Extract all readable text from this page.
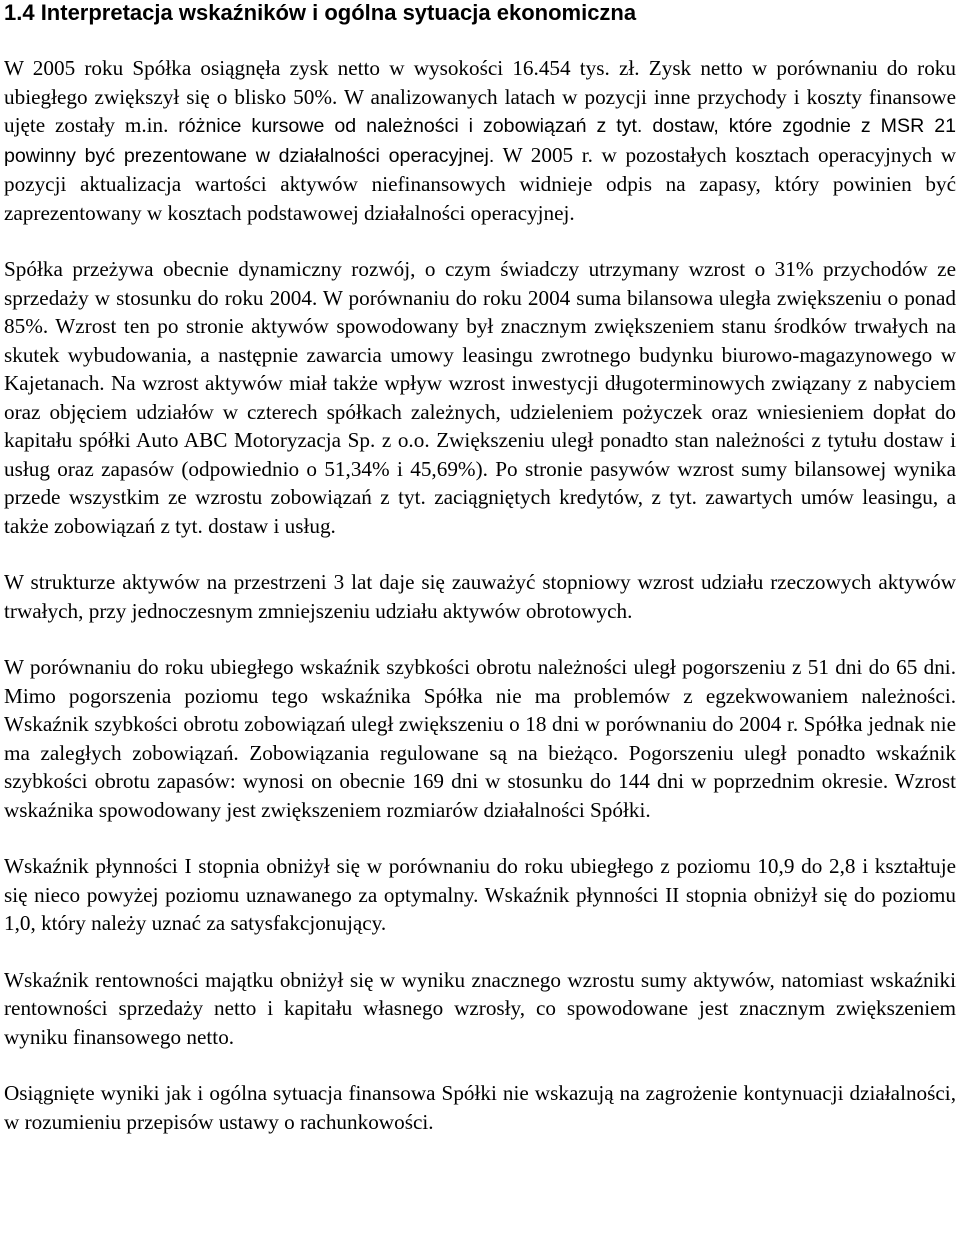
1.4 Interpretacja wskaźników i ogólna sytuacja ekonomiczna

W 2005 roku Spółka osiągnęła zysk netto w wysokości 16.454 tys. zł. Zysk netto w porównaniu do roku ubiegłego zwiększył się o blisko 50%. W analizowanych latach w pozycji inne przychody i koszty finansowe ujęte zostały m.in. różnice kursowe od należności i zobowiązań z tyt. dostaw, które zgodnie z MSR 21 powinny być prezentowane w działalności operacyjnej. W 2005 r. w pozostałych kosztach operacyjnych w pozycji aktualizacja wartości aktywów niefinansowych widnieje odpis na zapasy, który powinien być zaprezentowany w kosztach podstawowej działalności operacyjnej.

Spółka przeżywa obecnie dynamiczny rozwój, o czym świadczy utrzymany wzrost o 31% przychodów ze sprzedaży w stosunku do roku 2004. W porównaniu do roku 2004 suma bilansowa uległa zwiększeniu o ponad 85%. Wzrost ten po stronie aktywów spowodowany był znacznym zwiększeniem stanu środków trwałych na skutek wybudowania, a następnie zawarcia umowy leasingu zwrotnego budynku biurowo-magazynowego w Kajetanach. Na wzrost aktywów miał także wpływ wzrost inwestycji długoterminowych związany z nabyciem oraz objęciem udziałów w czterech spółkach zależnych, udzieleniem pożyczek oraz wniesieniem dopłat do kapitału spółki Auto ABC Motoryzacja Sp. z o.o. Zwiększeniu uległ ponadto stan należności z tytułu dostaw i usług oraz zapasów (odpowiednio o 51,34% i 45,69%). Po stronie pasywów wzrost sumy bilansowej wynika przede wszystkim ze wzrostu zobowiązań z tyt. zaciągniętych kredytów, z tyt. zawartych umów leasingu, a także zobowiązań z tyt. dostaw i usług.

W strukturze aktywów na przestrzeni 3 lat daje się zauważyć stopniowy wzrost udziału rzeczowych aktywów trwałych, przy jednoczesnym zmniejszeniu udziału aktywów obrotowych.

W porównaniu do roku ubiegłego wskaźnik szybkości obrotu należności uległ pogorszeniu z 51 dni do 65 dni. Mimo pogorszenia poziomu tego wskaźnika Spółka nie ma problemów z egzekwowaniem należności. Wskaźnik szybkości obrotu zobowiązań uległ zwiększeniu o 18 dni w porównaniu do 2004 r. Spółka jednak nie ma zaległych zobowiązań. Zobowiązania regulowane są na bieżąco. Pogorszeniu uległ ponadto wskaźnik szybkości obrotu zapasów: wynosi on obecnie 169 dni w stosunku do 144 dni w poprzednim okresie. Wzrost wskaźnika spowodowany jest zwiększeniem rozmiarów działalności Spółki.

Wskaźnik płynności I stopnia obniżył się w porównaniu do roku ubiegłego z poziomu 10,9 do 2,8 i kształtuje się nieco powyżej poziomu uznawanego za optymalny. Wskaźnik płynności II stopnia obniżył się do poziomu 1,0, który należy uznać za satysfakcjonujący.

Wskaźnik rentowności majątku obniżył się w wyniku znacznego wzrostu sumy aktywów, natomiast wskaźniki rentowności sprzedaży netto i kapitału własnego wzrosły, co spowodowane jest znacznym zwiększeniem wyniku finansowego netto.

Osiągnięte wyniki jak i ogólna sytuacja finansowa Spółki nie wskazują na zagrożenie kontynuacji działalności, w rozumieniu przepisów ustawy o rachunkowości.
